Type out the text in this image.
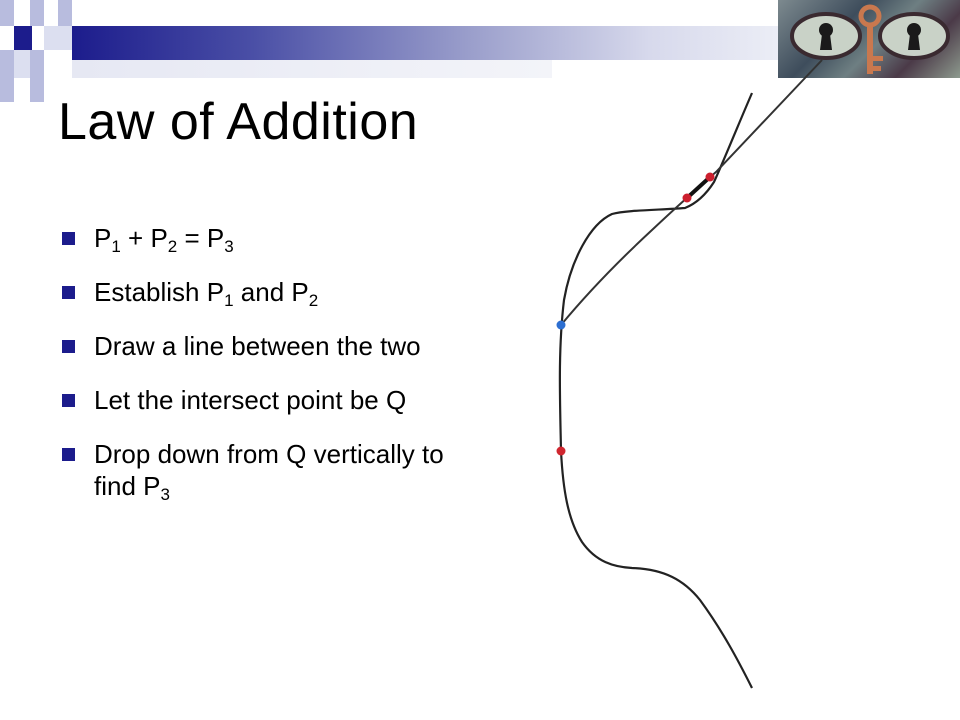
Law of Addition
$P_1 + P_2 = P_3$
Establish $P_1$ and $P_2$
Draw a line between the two
Let the intersect point be Q
Drop down from Q vertically to find $P_3$
